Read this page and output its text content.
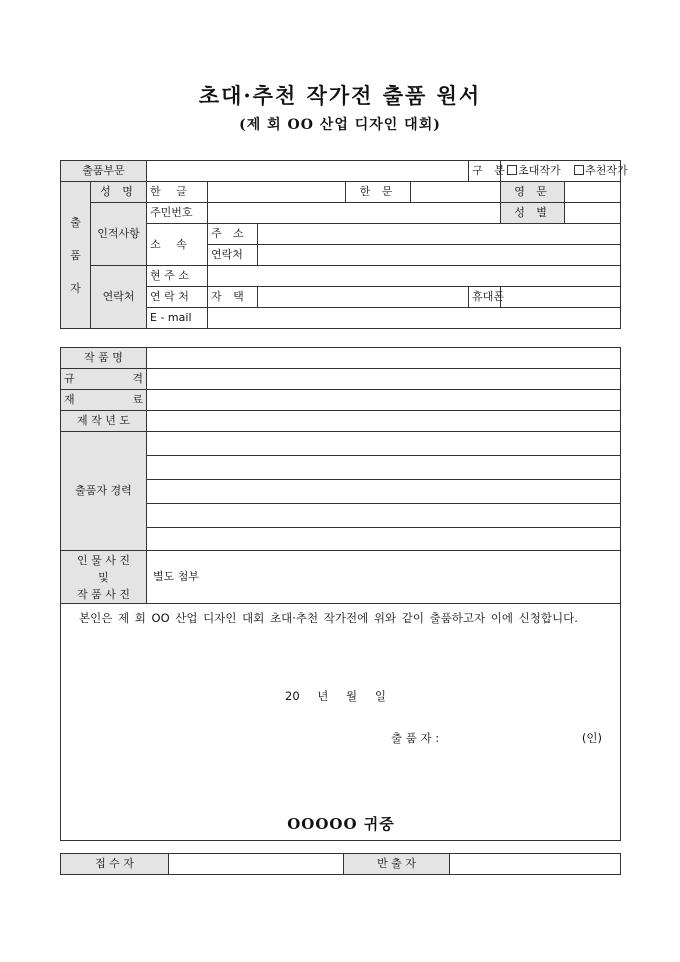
초대·추천 작가전 출품 원서
(제 회 OO 산업 디자인 대회)
출품부문							구 분	초대작가 추천작가	

출
품
자	성 명	한 글			한 문			영 문	
	인적사항	주민번호						성 별	
		소 속	주 소						
			연락처						
	연락처	현 주 소							
		연 락 처	자 택				휴대폰		
		E - mail							
작 품 명	
규 격	
재 료	
제 작 년 도	
출품자 경력	

인 물 사 진
및
작 품 사 진	별도 첨부

본인은 제 회 OO 산업 디자인 대회 초대·추천 작가전에 위와 같이 출품하고자 이에 신청합니다.
20 년 월 일
출 품 자 : (인)
OOOOO 귀중	
접 수 자		반 출 자	
